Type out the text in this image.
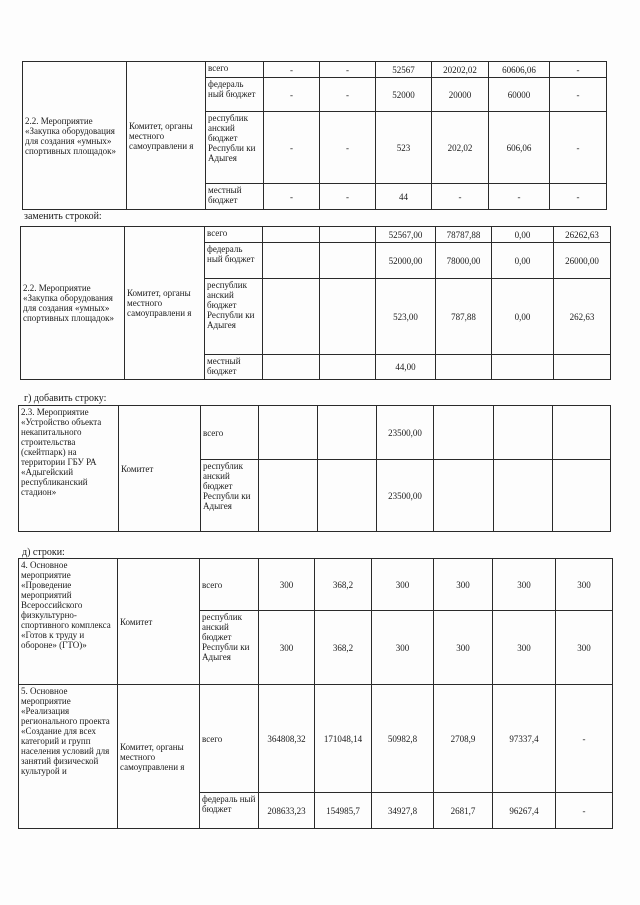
2.2. Мероприятие «Закупка оборудовация для создания «умных» спортивных площадок»	Комитет, органы местного самоуправлени я	всего	-	-	52567	20202,02	60606,06	-
		федераль ный бюджет	-	-	52000	20000	60000	-
		республик анский бюджет Республи ки Адыгея	-	-	523	202,02	606,06	-
		местный бюджет	-	-	44	-	-	-
заменить строкой:
2.2. Мероприятие «Закупка оборудования для создания «умных» спортивных площадок»	Комитет, органы местного самоуправлени я	всего			52567,00	78787,88	0,00	26262,63
		федераль ный бюджет			52000,00	78000,00	0,00	26000,00
		республик анский бюджет Республи ки Адыгея			523,00	787,88	0,00	262,63
		местный бюджет			44,00			
г) добавить строку:
2.3. Мероприятие «Устройство объекта некапитального строительства (скейтпарк) на территории ГБУ РА «Адыгейский республиканский стадион»	Комитет	всего			23500,00			
		республик анский бюджет Республи ки Адыгея			23500,00			
д) строки:
4. Основное мероприятие «Проведение мероприятий Всероссийского физкультурно-спортивного комплекса «Готов к труду и обороне» (ГТО)»	Комитет	всего	300	368,2	300	300	300	300
		республик анский бюджет Республи ки Адыгея	300	368,2	300	300	300	300
5. Основное мероприятие «Реализация регионального проекта «Создание для всех категорий и групп населения условий для занятий физической культурой и	Комитет, органы местного самоуправлени я	всего	364808,32	171048,14	50982,8	2708,9	97337,4	-
		федераль ный бюджет	208633,23	154985,7	34927,8	2681,7	96267,4	-
